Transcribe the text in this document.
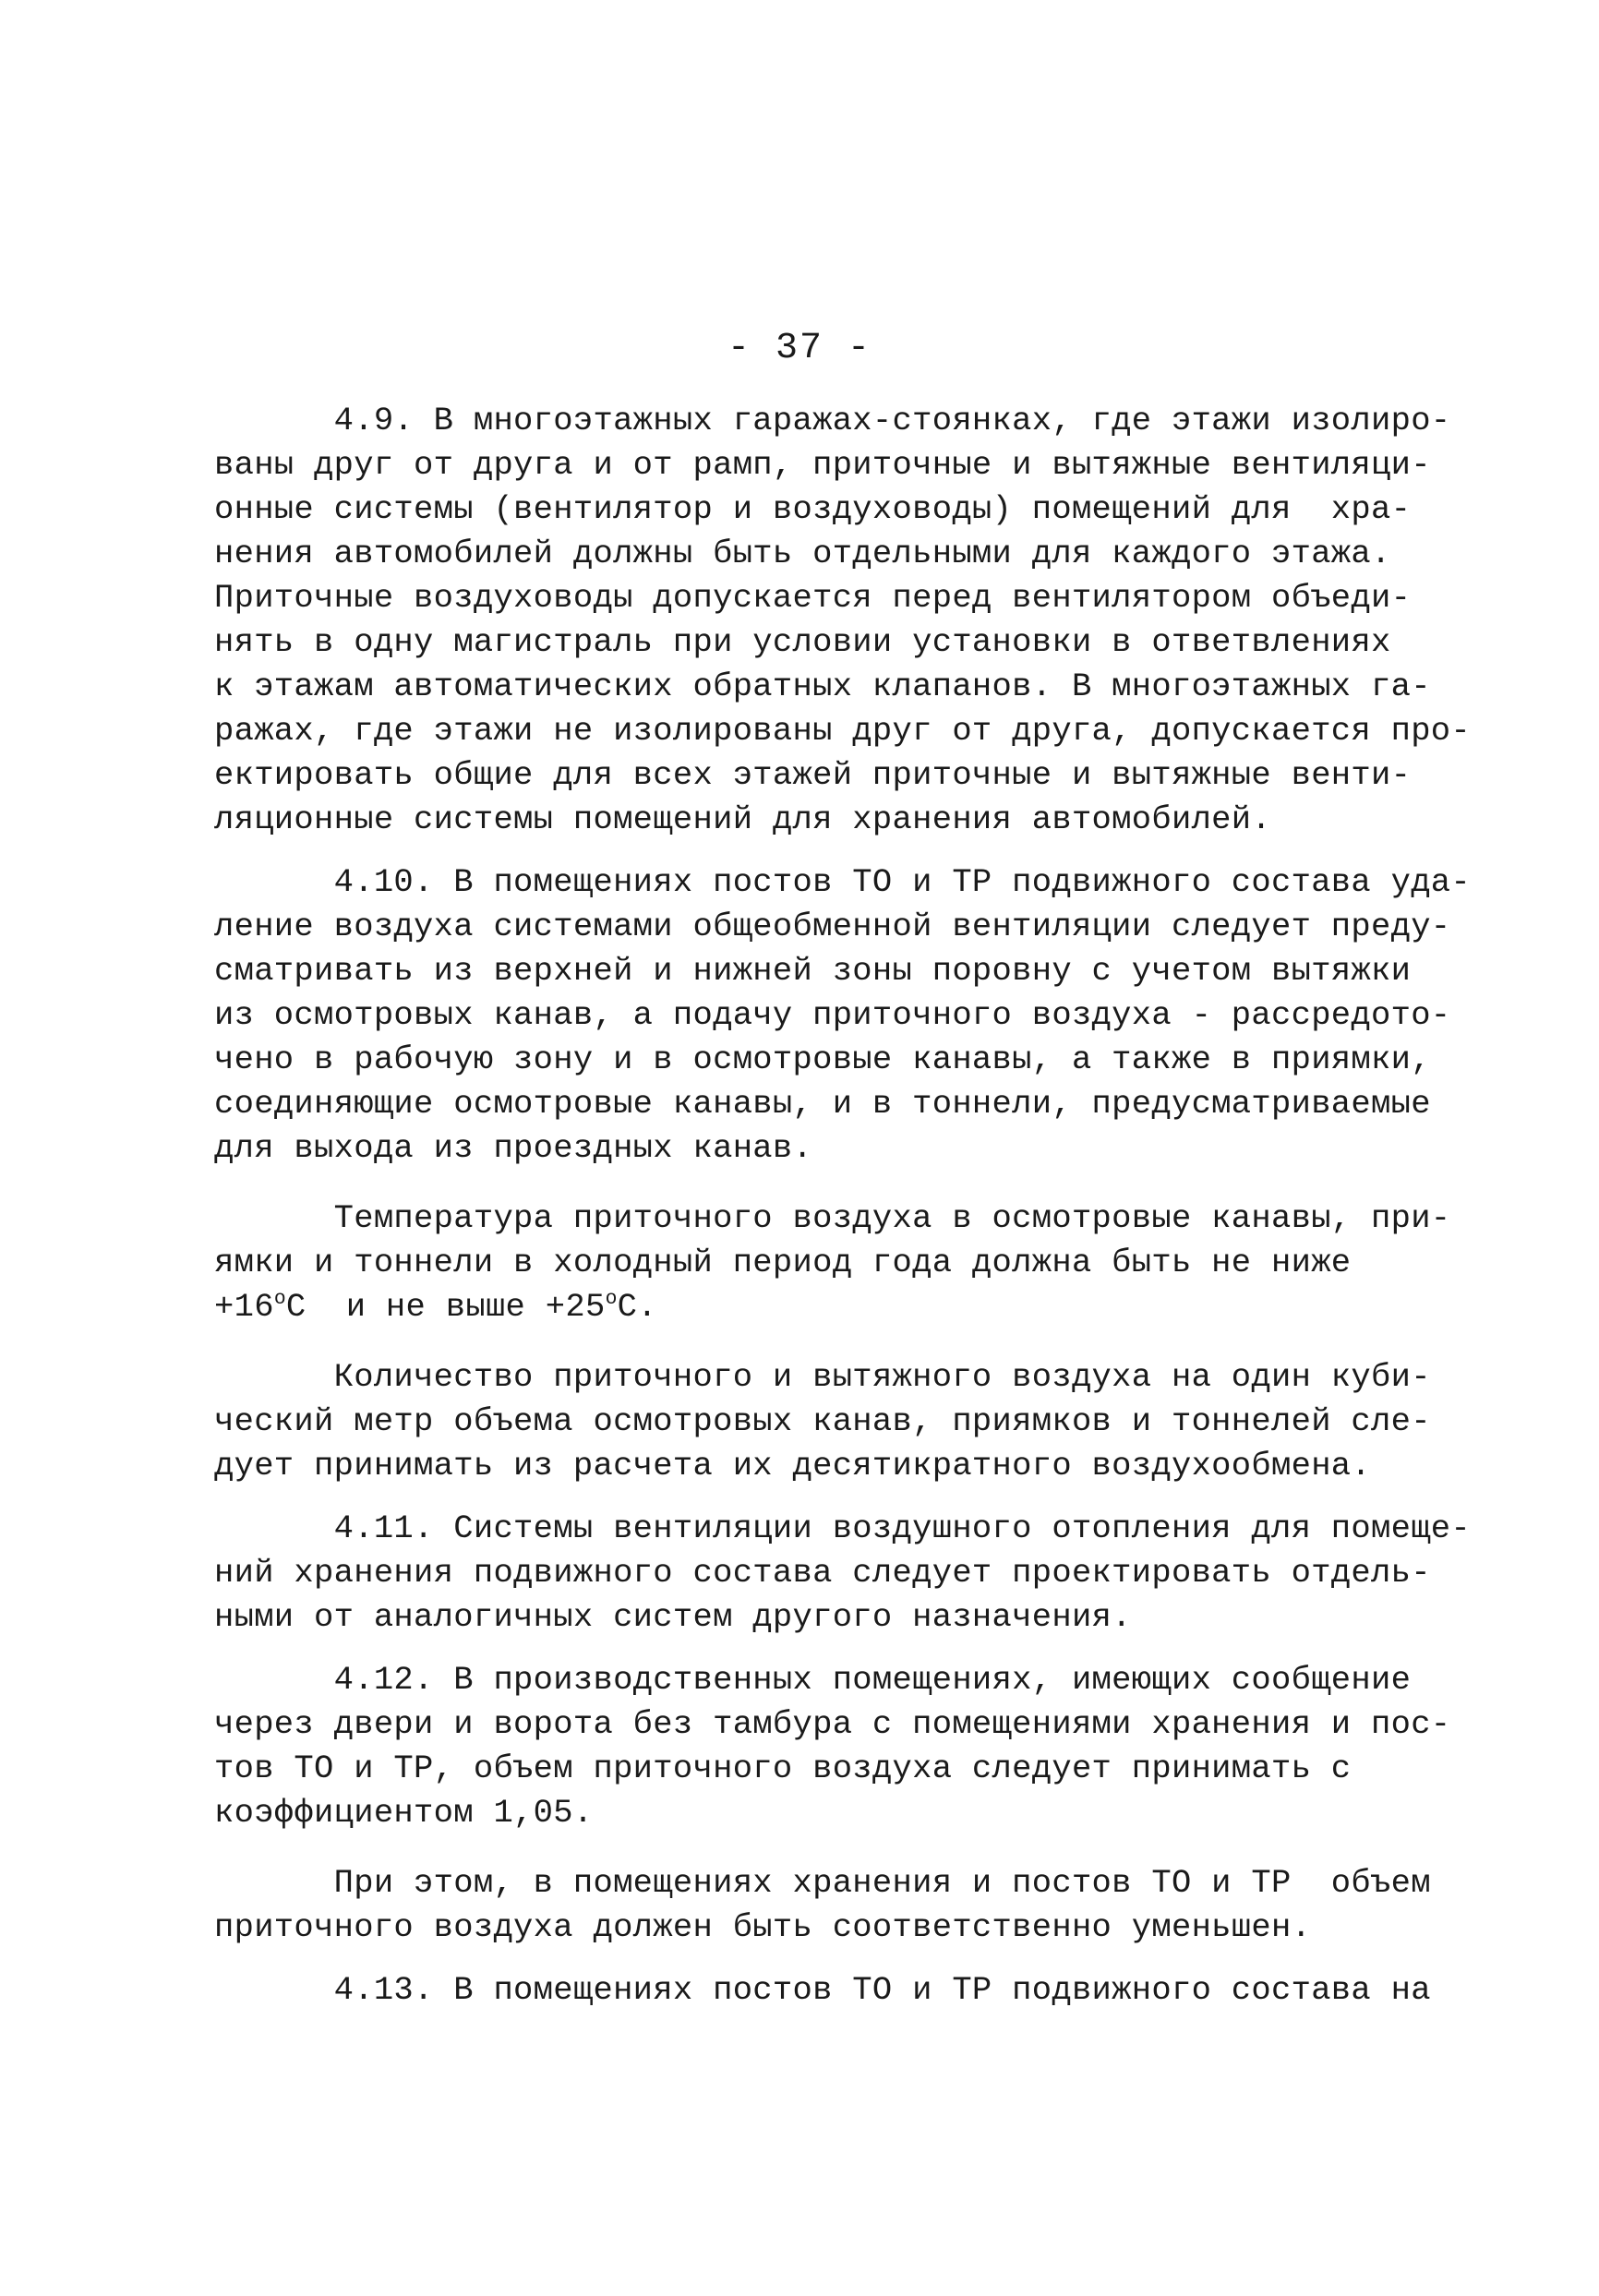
- 37 -
4.9. В многоэтажных гаражах-стоянках, где этажи изолиро-
ваны друг от друга и от рамп, приточные и вытяжные вентиляци-
онные системы (вентилятор и воздуховоды) помещений для  хра-
нения автомобилей должны быть отдельными для каждого этажа.
Приточные воздуховоды допускается перед вентилятором объеди-
нять в одну магистраль при условии установки в ответвлениях
к этажам автоматических обратных клапанов. В многоэтажных га-
ражах, где этажи не изолированы друг от друга, допускается про-
ектировать общие для всех этажей приточные и вытяжные венти-
ляционные системы помещений для хранения автомобилей.
4.10. В помещениях постов ТО и ТР подвижного состава уда-
ление воздуха системами общеобменной вентиляции следует преду-
сматривать из верхней и нижней зоны поровну с учетом вытяжки
из осмотровых канав, а подачу приточного воздуха - рассредото-
чено в рабочую зону и в осмотровые канавы, а также в приямки,
соединяющие осмотровые канавы, и в тоннели, предусматриваемые
для выхода из проездных канав.
Температура приточного воздуха в осмотровые канавы, при-
ямки и тоннели в холодный период года должна быть не ниже
$+16^oC$  и не выше $+25^oC$.
Количество приточного и вытяжного воздуха на один куби-
ческий метр объема осмотровых канав, приямков и тоннелей сле-
дует принимать из расчета их десятикратного воздухообмена.
4.11. Системы вентиляции воздушного отопления для помеще-
ний хранения подвижного состава следует проектировать отдель-
ными от аналогичных систем другого назначения.
4.12. В производственных помещениях, имеющих сообщение
через двери и ворота без тамбура с помещениями хранения и пос-
тов ТО и ТР, объем приточного воздуха следует принимать с
коэффициентом 1,05.
При этом, в помещениях хранения и постов ТО и ТР  объем
приточного воздуха должен быть соответственно уменьшен.
4.13. В помещениях постов ТО и ТР подвижного состава на
